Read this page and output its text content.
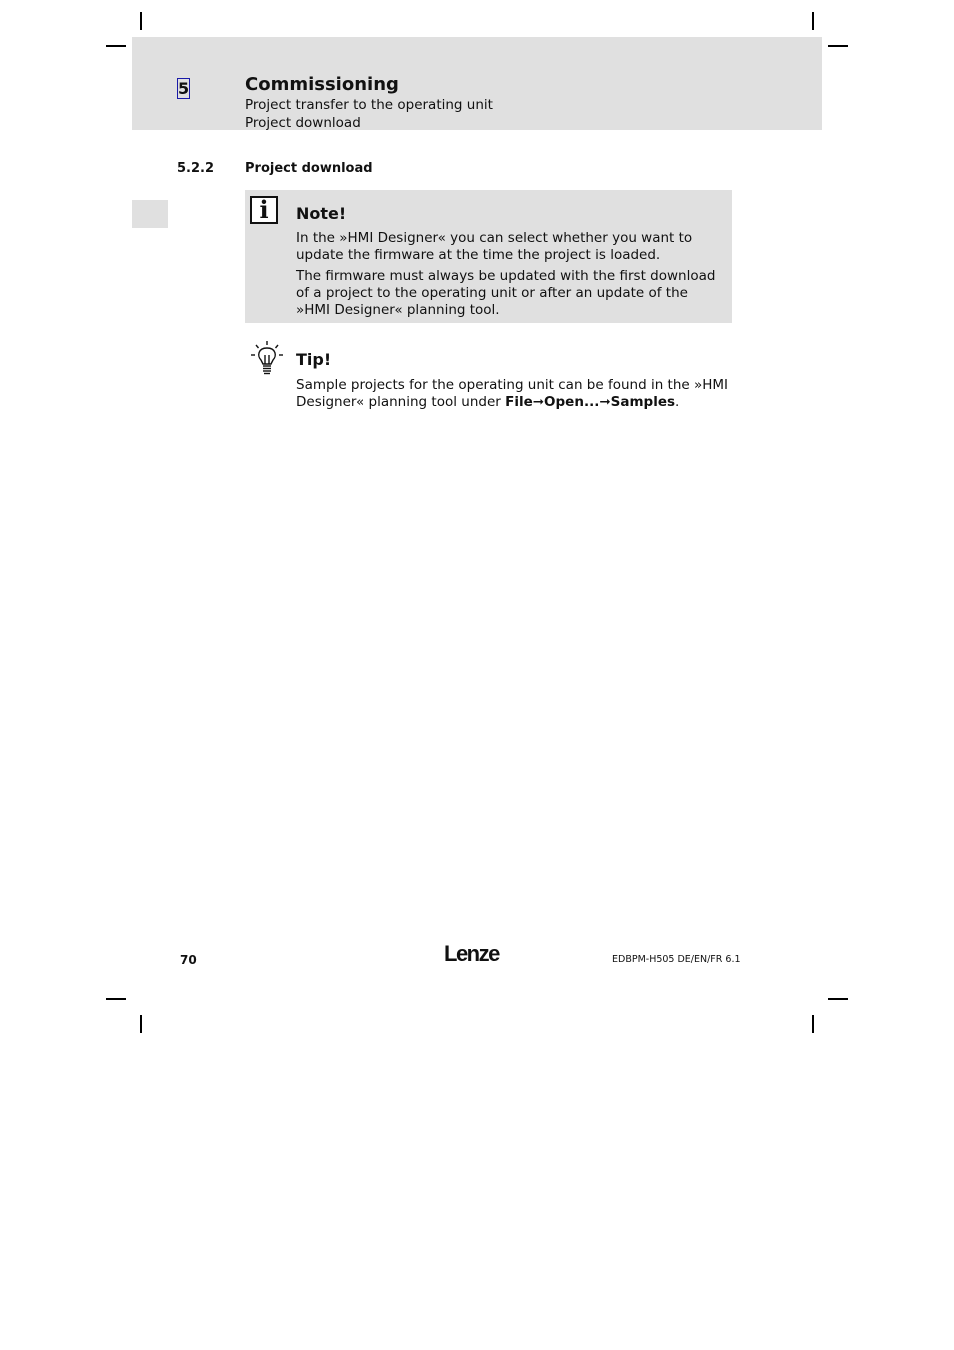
5	Commissioning
Project transfer to the operating unit
Project download
5.2.2 Project download
i	Note!
In the »HMI Designer« you can select whether you want to update the firmware at the time the project is loaded.
The firmware must always be updated with the first download of a project to the operating unit or after an update of the »HMI Designer« planning tool.
Tip!
Sample projects for the operating unit can be found in the »HMI Designer« planning tool under File➞Open...➞Samples.
70	Lenze	EDBPM-H505 DE/EN/FR 6.1
